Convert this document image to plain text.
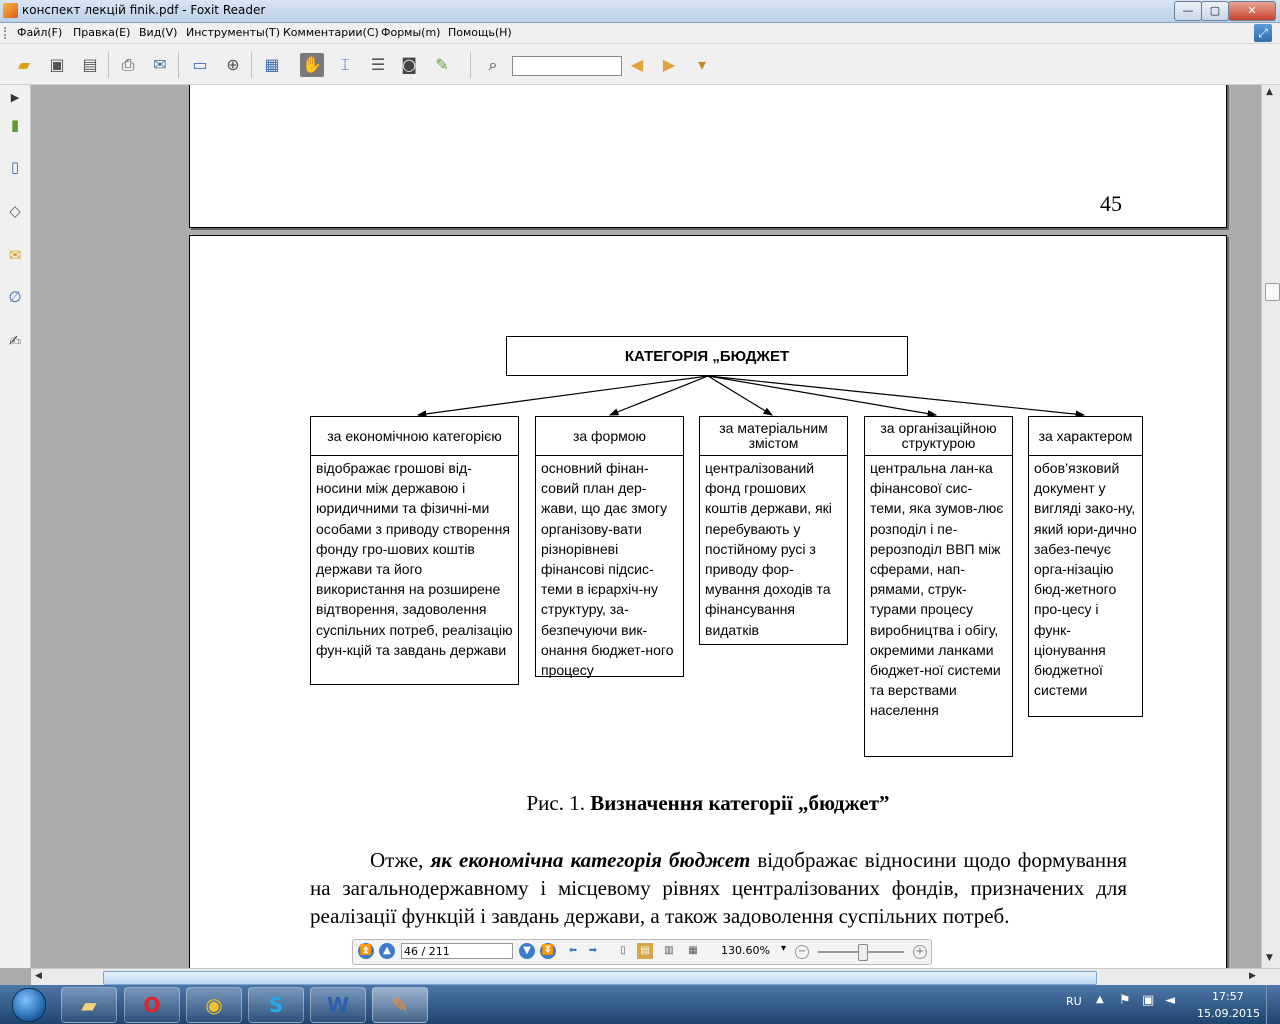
конспект лекцій finik.pdf - Foxit Reader	—	▢	✕
Файл(F) Правка(E) Вид(V) Инструменты(T) Комментарии(C) Формы(m) Помощь(H)	⤢
▰	▣ ▤	⎙	✉	▭	⊕	▦ ✋	⌶	☰	◙	✎	⌕	◀	▶	▾
▶
▮
▯
◇
✉
∅
✍
45
КАТЕГОРІЯ „БЮДЖЕТ
за економічною категорією
відображає грошові від-носини між державою і юридичними та фізичні-ми особами з приводу створення фонду гро-шових коштів держави та його використання на розширене відтворення, задоволення суспільних потреб, реалізацію фун-кцій та завдань держави
за формою
основний фінан-совий план дер-жави, що дає змогу організову-вати різнорівневі фінансові підсис-теми в ієрархіч-ну структуру, за-безпечуючи вик-онання бюджет-ного процесу
за матеріальним змістом
централізований фонд грошових коштів держави, які перебувають у постійному русі з приводу фор-мування доходів та фінансування видатків
за організаційною структурою
центральна лан-ка фінансової сис-теми, яка зумов-лює розподіл і пе-рерозподіл ВВП між сферами, нап-рямами, струк-турами процесу виробництва і обігу, окремими ланками бюджет-ної системи та верствами населення
за характером
обов’язковий документ у вигляді зако-ну, який юри-дично забез-печує орга-нізацію бюд-жетного про-цесу і функ-ціонування бюджетної системи
Рис. 1. Визначення категорії „бюджет”
Отже, як економічна категорія бюджет відображає відносини щодо формування на загальнодержавному і місцевому рівнях централізованих фондів, призначених для реалізації функцій і завдань держави, а також задоволення суспільних потреб.
⏫	▲	46 / 211	▼	⏬	⬅	➡	▯	▤	▥	▦ 130.60%	▾ −	+
▲
▼
◀	▶
▰	O	◉	S	W	✎	RU ▲ ⚑ ▣ ◄	17:57
15.09.2015
